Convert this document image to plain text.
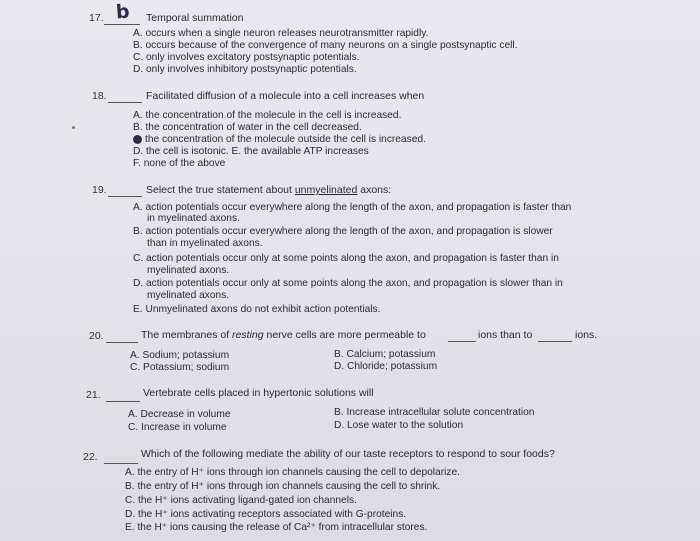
17. b Temporal summation
A. occurs when a single neuron releases neurotransmitter rapidly.
B. occurs because of the convergence of many neurons on a single postsynaptic cell.
C. only involves excitatory postsynaptic potentials.
D. only involves inhibitory postsynaptic potentials.
18.	Facilitated diffusion of a molecule into a cell increases when
A. the concentration of the molecule in the cell is increased.
B. the concentration of water in the cell decreased.
the concentration of the molecule outside the cell is increased.
D. the cell is isotonic. E. the available ATP increases
F. none of the above
19.	Select the true statement about unmyelinated axons:
A. action potentials occur everywhere along the length of the axon, and propagation is faster than
in myelinated axons.
B. action potentials occur everywhere along the length of the axon, and propagation is slower
than in myelinated axons.
C. action potentials occur only at some points along the axon, and propagation is faster than in
myelinated axons.
D. action potentials occur only at some points along the axon, and propagation is slower than in
myelinated axons.
E. Unmyelinated axons do not exhibit action potentials.
20.	The membranes of resting nerve cells are more permeable to	ions than to	ions.
A. Sodium; potassium	B. Calcium; potassium
C. Potassium; sodium	D. Chloride; potassium
21.	Vertebrate cells placed in hypertonic solutions will
A. Decrease in volume	B. Increase intracellular solute concentration
C. Increase in volume	D. Lose water to the solution
22.	Which of the following mediate the ability of our taste receptors to respond to sour foods?
A. the entry of H⁺ ions through ion channels causing the cell to depolarize.
B. the entry of H⁺ ions through ion channels causing the cell to shrink.
C. the H⁺ ions activating ligand-gated ion channels.
D. the H⁺ ions activating receptors associated with G-proteins.
E. the H⁺ ions causing the release of Ca²⁺ from intracellular stores.
